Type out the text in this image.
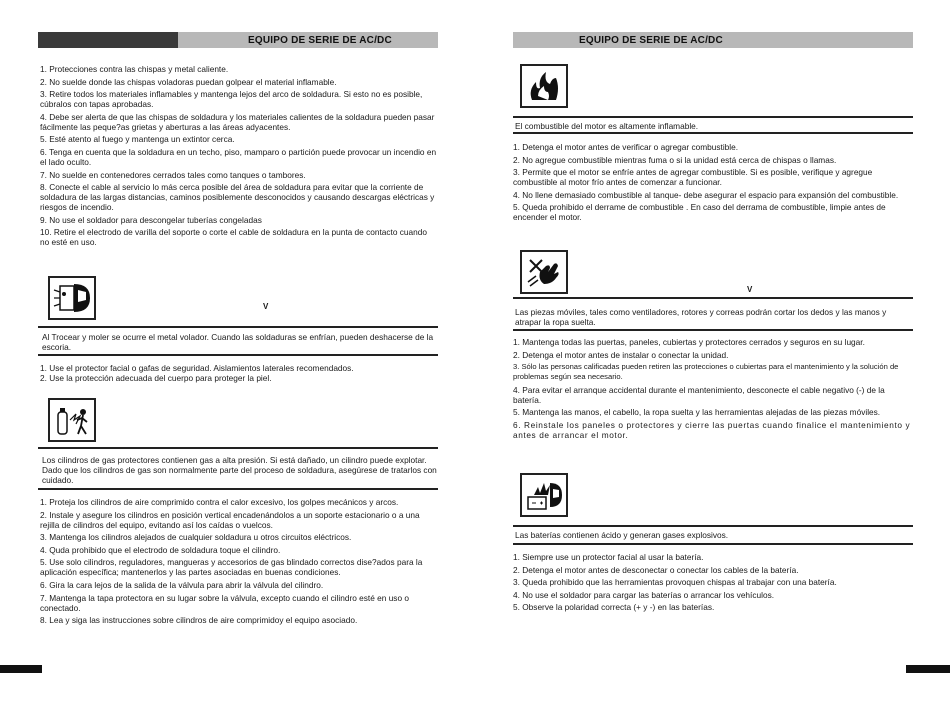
EQUIPO DE SERIE DE AC/DC
1. Protecciones contra las chispas y metal caliente.
2. No suelde donde las chispas voladoras puedan golpear el material inflamable.
3. Retire todos los materiales inflamables y mantenga lejos del arco de soldadura. Si esto no es posible, cúbralos con tapas aprobadas.
4. Debe ser alerta de que las chispas de soldadura y los materiales calientes de la soldadura pueden pasar fácilmente las peque?as grietas y aberturas a las áreas adyacentes.
5. Esté atento al fuego y mantenga un extintor cerca.
6. Tenga en cuenta que la soldadura en un techo, piso, mamparo o partición puede provocar un incendio en el lado oculto.
7. No suelde en contenedores cerrados tales como tanques o tambores.
8. Conecte el cable al servicio lo más cerca posible del área de soldadura para evitar que la corriente de soldadura de las largas distancias, caminos posiblemente desconocidos y causando descargas eléctricas y riesgos de incendio.
9. No use el soldador para descongelar tuberías congeladas
10. Retire el electrodo de varilla del soporte o corte el cable de soldadura en la punta de contacto cuando no esté en uso.
V
Al Trocear y moler se ocurre el metal volador. Cuando las soldaduras se enfrían, pueden deshacerse de la escoria.
1. Use el protector facial o gafas de seguridad. Aislamientos laterales recomendados.
2. Use la protección adecuada del cuerpo para proteger la piel.
Los cilindros de gas protectores contienen gas a alta presión. Si está dañado, un cilindro puede explotar. Dado que los cilindros de gas son normalmente parte del proceso de soldadura, asegúrese de tratarlos con cuidado.
1. Proteja los cilindros de aire comprimido contra el calor excesivo, los golpes mecánicos y arcos.
2. Instale y asegure los cilindros en posición vertical encadenándolos a un soporte estacionario o a una rejilla de cilindros del equipo, evitando así los caídas o vuelcos.
3. Mantenga los cilindros alejados de cualquier soldadura u otros circuitos eléctricos.
4. Quda prohibido que el electrodo de soldadura toque el cilindro.
5. Use solo cilindros, reguladores, mangueras y accesorios de gas blindado correctos dise?ados para la aplicación específica; mantenerlos y las partes asociadas en buenas condiciones.
6. Gira la cara lejos de la salida de la válvula para abrir la válvula del cilindro.
7. Mantenga la tapa protectora en su lugar sobre la válvula, excepto cuando el cilindro esté en uso o conectado.
8. Lea y siga las instrucciones sobre cilindros de aire comprimidoy el equipo asociado.
EQUIPO DE SERIE DE AC/DC
El combustible del motor es altamente inflamable.
1. Detenga el motor antes de verificar o agregar combustible.
2. No agregue combustible mientras fuma o si la unidad está cerca de chispas o llamas.
3. Permite que el motor se enfríe antes de agregar combustible. Si es posible, verifique y agregue combustible al motor frío antes de comenzar a funcionar.
4. No llene demasiado combustible al tanque- debe asegurar el espacio para expansión del combustible.
5. Queda prohibido el derrame de combustible . En caso del derrama de combustible, limpie antes de encender el motor.
V
Las piezas móviles, tales como ventiladores, rotores y correas podrán cortar los dedos y las manos y atrapar la ropa suelta.
1. Mantenga todas las puertas, paneles, cubiertas y protectores cerrados y seguros en su lugar.
2. Detenga el motor antes de instalar o conectar la unidad.
3. Sólo las personas calificadas pueden retiren las protecciones o cubiertas para el mantenimiento y la solución de problemas según sea necesario.
4. Para evitar el arranque accidental durante el mantenimiento, desconecte el cable negativo (-) de la batería.
5. Mantenga las manos, el cabello, la ropa suelta y las herramientas alejadas de las piezas móviles.
6. Reinstale los paneles o protectores y cierre las puertas cuando finalice el mantenimiento y antes de arrancar el motor.
Las baterías contienen ácido y generan gases explosivos.
1. Siempre use un protector facial al usar la batería.
2. Detenga el motor antes de desconectar o conectar los cables de la batería.
3. Queda prohibido que las herramientas provoquen chispas al trabajar con una batería.
4. No use el soldador para cargar las baterías o arrancar los vehículos.
5. Observe la polaridad correcta (+ y -) en las baterías.
